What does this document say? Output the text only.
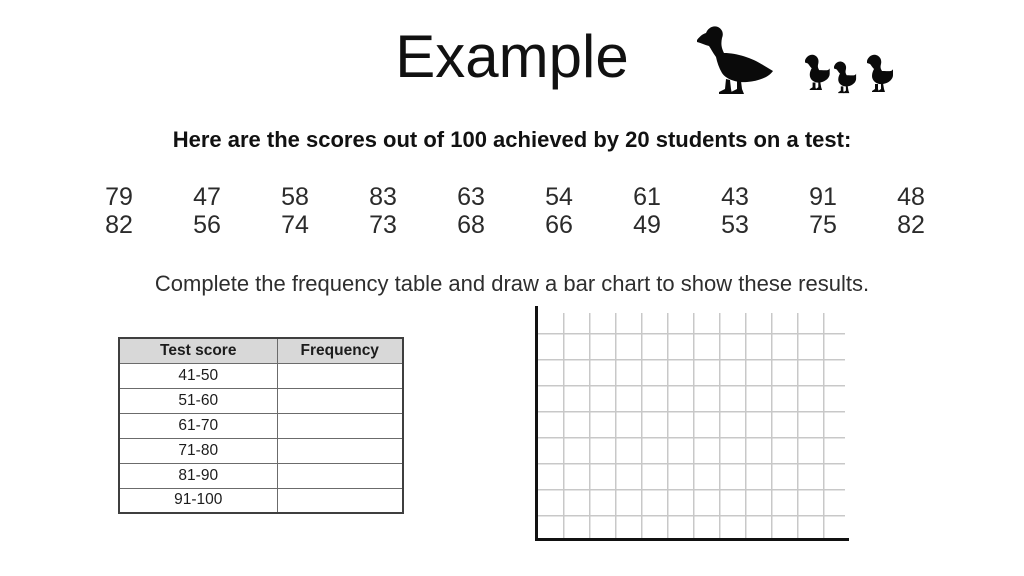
Example
Here are the scores out of 100 achieved by 20 students on a test:
79	47	58	83	63	54	61	43	91	48
82	56	74	73	68	66	49	53	75	82
Complete the frequency table and draw a bar chart to show these results.
Test score	Frequency
41-50	
51-60	
61-70	
71-80	
81-90	
91-100	
